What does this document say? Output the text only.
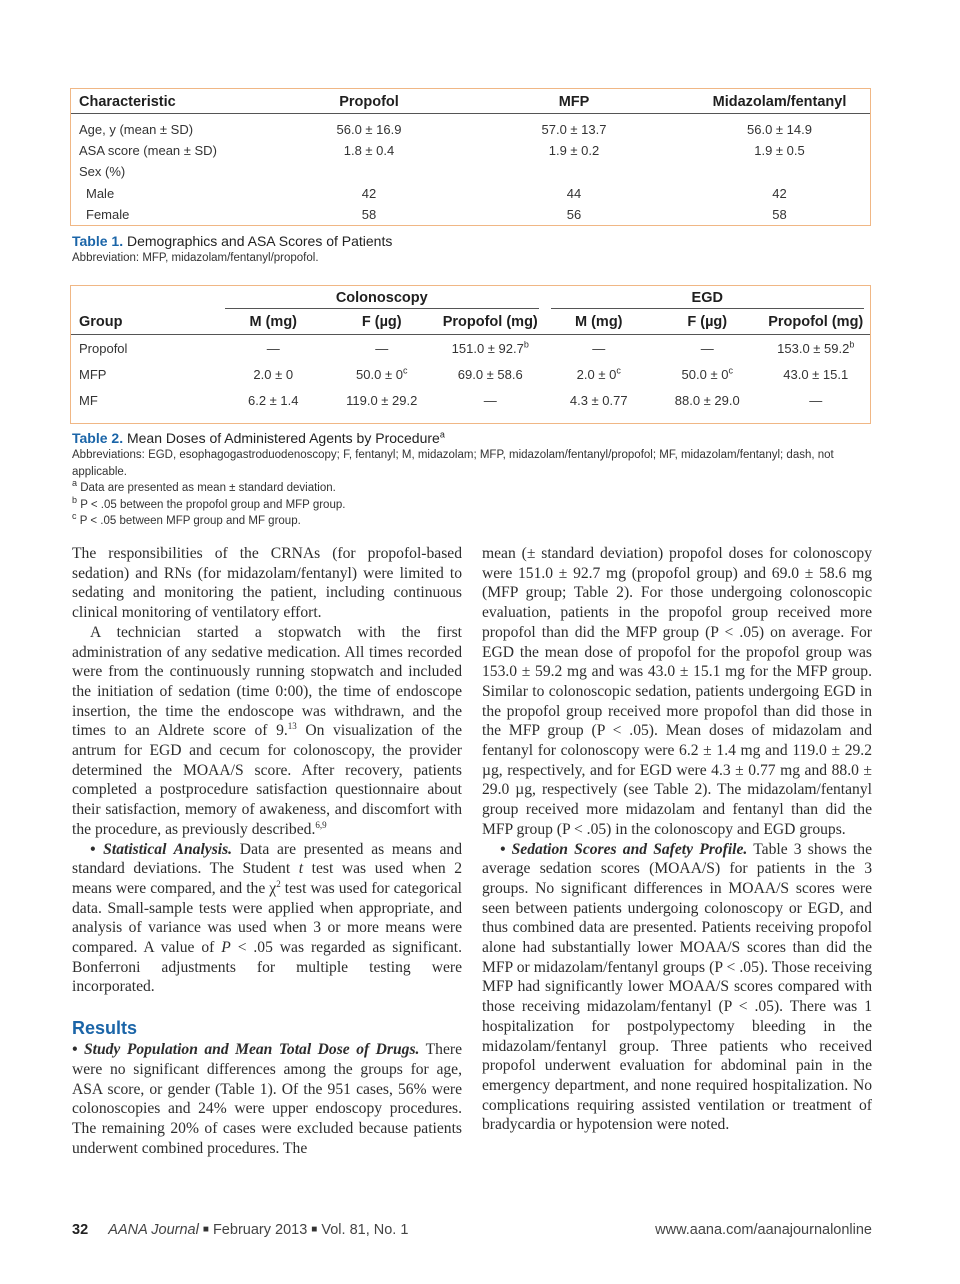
Characteristic	Propofol	MFP	Midazolam/fentanyl
Age, y (mean ± SD)	56.0 ± 16.9	57.0 ± 13.7	56.0 ± 14.9
ASA score (mean ± SD)	1.8 ± 0.4	1.9 ± 0.2	1.9 ± 0.5
Sex (%)			
Male	42	44	42
Female	58	56	58
Table 1. Demographics and ASA Scores of Patients
Abbreviation: MFP, midazolam/fentanyl/propofol.

	Colonoscopy			EGD		

Group	M (mg)	F (µg)	Propofol (mg)	M (mg)	F (µg)	Propofol (mg)
Propofol	—	—	151.0 ± 92.7$^b$	—	—	153.0 ± 59.2$^b$
MFP	2.0 ± 0	$50.0 \pm 0^c$	69.0 ± 58.6	$2.0 \pm 0^c$	$50.0 \pm 0^c$	43.0 ± 15.1
MF	6.2 ± 1.4	119.0 ± 29.2	—	4.3 ± 0.77	88.0 ± 29.0	—
Table 2. Mean Doses of Administered Agents by Procedure$^a$
Abbreviations: EGD, esophagogastroduodenoscopy; F, fentanyl; M, midazolam; MFP, midazolam/fentanyl/propofol; MF, midazolam/fentanyl; dash, not applicable.
$^a$ Data are presented as mean ± standard deviation.
$^b$ P < .05 between the propofol group and MFP group.
$^c$ P < .05 between MFP group and MF group.

The responsibilities of the CRNAs (for propofol-based sedation) and RNs (for midazolam/fentanyl) were limited to sedating and monitoring the patient, including continuous clinical monitoring of ventilatory effort.

A technician started a stopwatch with the first administration of any sedative medication. All times recorded were from the continuously running stopwatch and included the initiation of sedation (time 0:00), the time of endoscope insertion, the time the endoscope was withdrawn, and the times to an Aldrete score of 9.13 On visualization of the antrum for EGD and cecum for colonoscopy, the provider determined the MOAA/S score. After recovery, patients completed a postprocedure satisfaction questionnaire about their satisfaction, memory of awakeness, and discomfort with the procedure, as previously described.$^{6,9}$

• Statistical Analysis. Data are presented as means and standard deviations. The Student t test was used when 2 means were compared, and the $\chi^2$ test was used for categorical data. Small-sample tests were applied when appropriate, and analysis of variance was used when 3 or more means were compared. A value of P < .05 was regarded as significant. Bonferroni adjustments for multiple testing were incorporated.

Results

• Study Population and Mean Total Dose of Drugs. There were no significant differences among the groups for age, ASA score, or gender (Table 1). Of the 951 cases, 56% were colonoscopies and 24% were upper endoscopy procedures. The remaining 20% of cases were excluded because patients underwent combined procedures. The

mean (± standard deviation) propofol doses for colonoscopy were 151.0 ± 92.7 mg (propofol group) and 69.0 ± 58.6 mg (MFP group; Table 2). For those undergoing colonoscopic evaluation, patients in the propofol group received more propofol than did the MFP group (P < .05) on average. For EGD the mean dose of propofol for the propofol group was 153.0 ± 59.2 mg and was 43.0 ± 15.1 mg for the MFP group. Similar to colonoscopic sedation, patients undergoing EGD in the propofol group received more propofol than did those in the MFP group (P < .05). Mean doses of midazolam and fentanyl for colonoscopy were 6.2 ± 1.4 mg and 119.0 ± 29.2 µg, respectively, and for EGD were 4.3 ± 0.77 mg and 88.0 ± 29.0 µg, respectively (see Table 2). The midazolam/fentanyl group received more midazolam and fentanyl than did the MFP group (P < .05) in the colonoscopy and EGD groups.

• Sedation Scores and Safety Profile. Table 3 shows the average sedation scores (MOAA/S) for patients in the 3 groups. No significant differences in MOAA/S scores were seen between patients undergoing colonoscopy or EGD, and thus combined data are presented. Patients receiving propofol alone had substantially lower MOAA/S scores than did the MFP or midazolam/fentanyl groups (P < .05). Those receiving MFP had significantly lower MOAA/S scores compared with those receiving midazolam/fentanyl (P < .05). There was 1 hospitalization for postpolypectomy bleeding in the midazolam/fentanyl group. Three patients who received propofol underwent evaluation for abdominal pain in the emergency department, and none required hospitalization. No complications requiring assisted ventilation or treatment of bradycardia or hypotension were noted.

32 AANA Journal ■ February 2013 ■ Vol. 81, No. 1	www.aana.com/aanajournalonline
